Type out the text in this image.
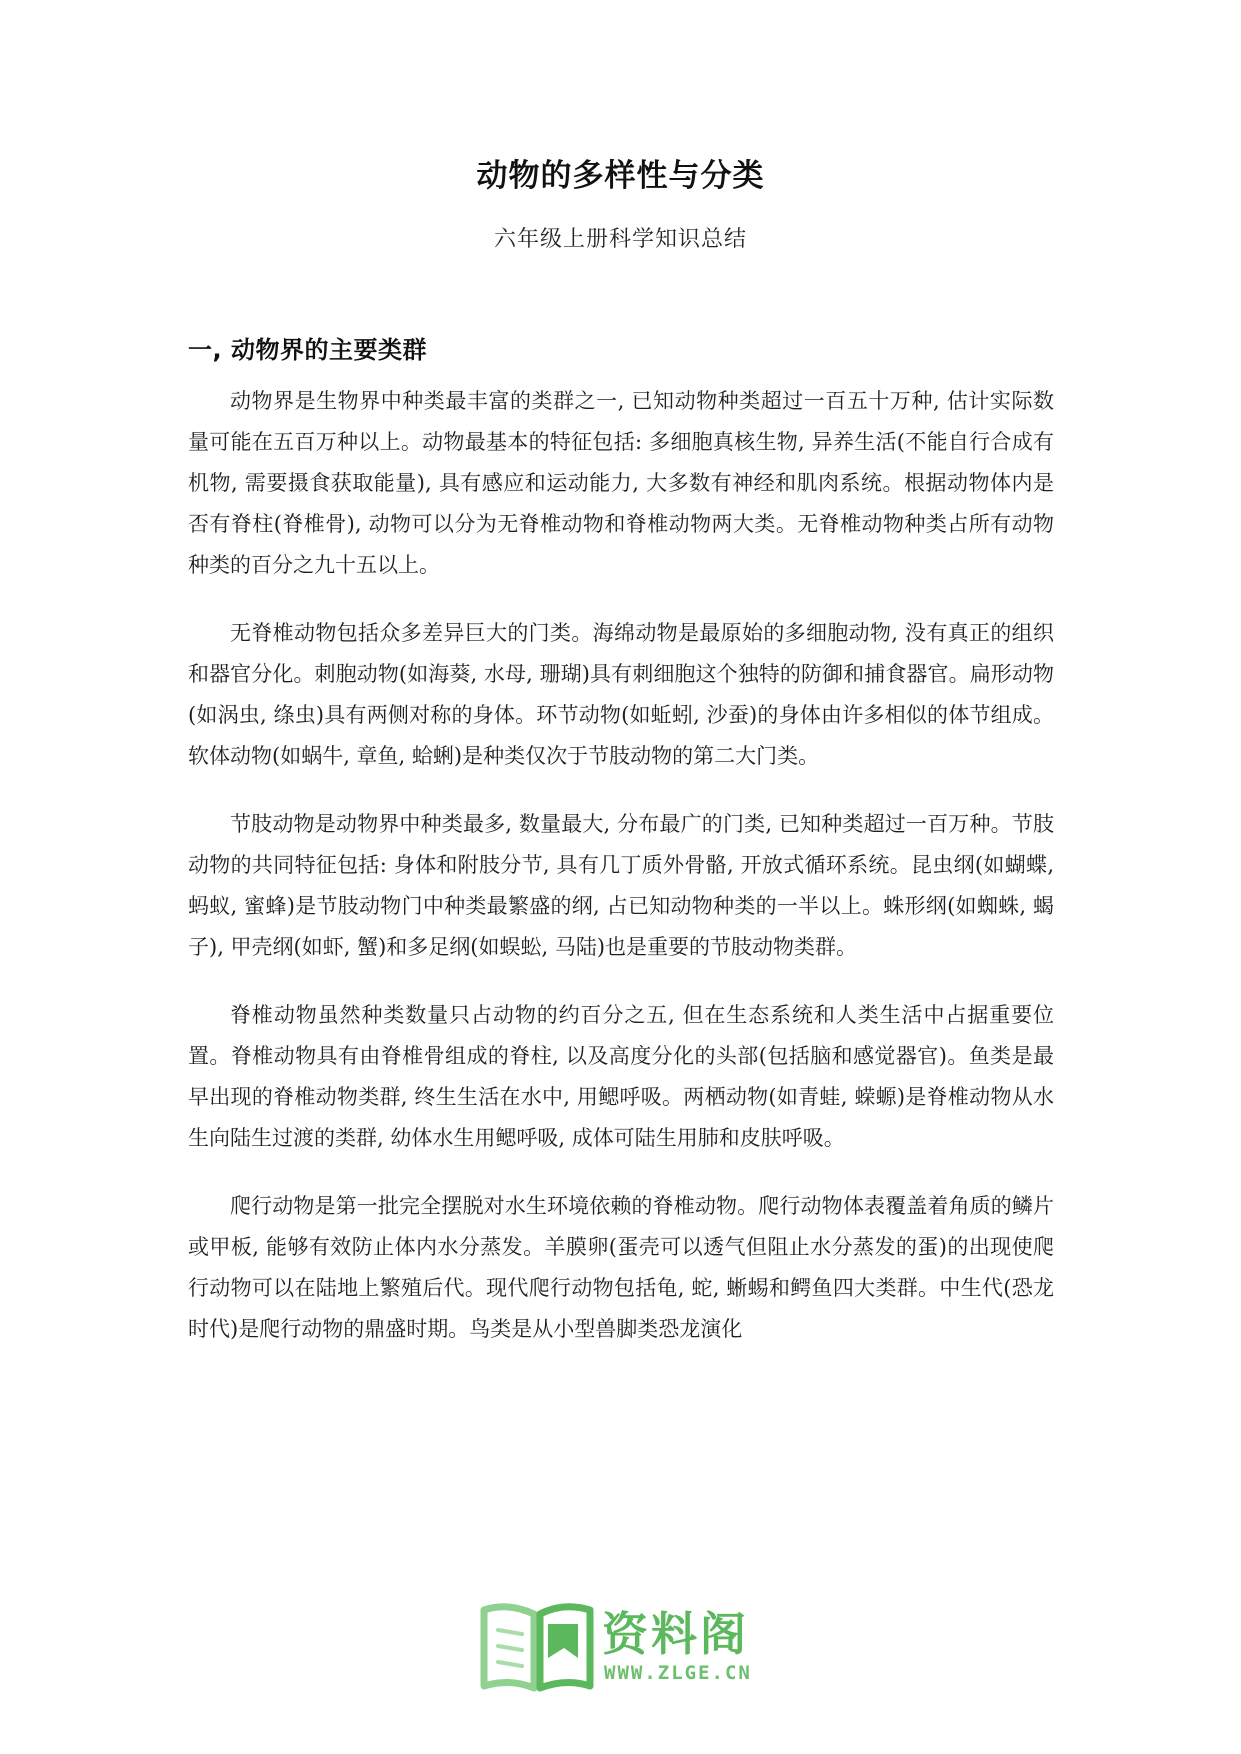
动物的多样性与分类
六年级上册科学知识总结
一, 动物界的主要类群

动物界是生物界中种类最丰富的类群之一, 已知动物种类超过一百五十万种, 估计实际数量可能在五百万种以上。动物最基本的特征包括: 多细胞真核生物, 异养生活(不能自行合成有机物, 需要摄食获取能量), 具有感应和运动能力, 大多数有神经和肌肉系统。根据动物体内是否有脊柱(脊椎骨), 动物可以分为无脊椎动物和脊椎动物两大类。无脊椎动物种类占所有动物种类的百分之九十五以上。

无脊椎动物包括众多差异巨大的门类。海绵动物是最原始的多细胞动物, 没有真正的组织和器官分化。刺胞动物(如海葵, 水母, 珊瑚)具有刺细胞这个独特的防御和捕食器官。扁形动物(如涡虫, 绦虫)具有两侧对称的身体。环节动物(如蚯蚓, 沙蚕)的身体由许多相似的体节组成。软体动物(如蜗牛, 章鱼, 蛤蜊)是种类仅次于节肢动物的第二大门类。

节肢动物是动物界中种类最多, 数量最大, 分布最广的门类, 已知种类超过一百万种。节肢动物的共同特征包括: 身体和附肢分节, 具有几丁质外骨骼, 开放式循环系统。昆虫纲(如蝴蝶, 蚂蚁, 蜜蜂)是节肢动物门中种类最繁盛的纲, 占已知动物种类的一半以上。蛛形纲(如蜘蛛, 蝎子), 甲壳纲(如虾, 蟹)和多足纲(如蜈蚣, 马陆)也是重要的节肢动物类群。

脊椎动物虽然种类数量只占动物的约百分之五, 但在生态系统和人类生活中占据重要位置。脊椎动物具有由脊椎骨组成的脊柱, 以及高度分化的头部(包括脑和感觉器官)。鱼类是最早出现的脊椎动物类群, 终生生活在水中, 用鳃呼吸。两栖动物(如青蛙, 蝾螈)是脊椎动物从水生向陆生过渡的类群, 幼体水生用鳃呼吸, 成体可陆生用肺和皮肤呼吸。

爬行动物是第一批完全摆脱对水生环境依赖的脊椎动物。爬行动物体表覆盖着角质的鳞片或甲板, 能够有效防止体内水分蒸发。羊膜卵(蛋壳可以透气但阻止水分蒸发的蛋)的出现使爬行动物可以在陆地上繁殖后代。现代爬行动物包括龟, 蛇, 蜥蜴和鳄鱼四大类群。中生代(恐龙时代)是爬行动物的鼎盛时期。鸟类是从小型兽脚类恐龙演化

资料阁
WWW.ZLGE.CN
